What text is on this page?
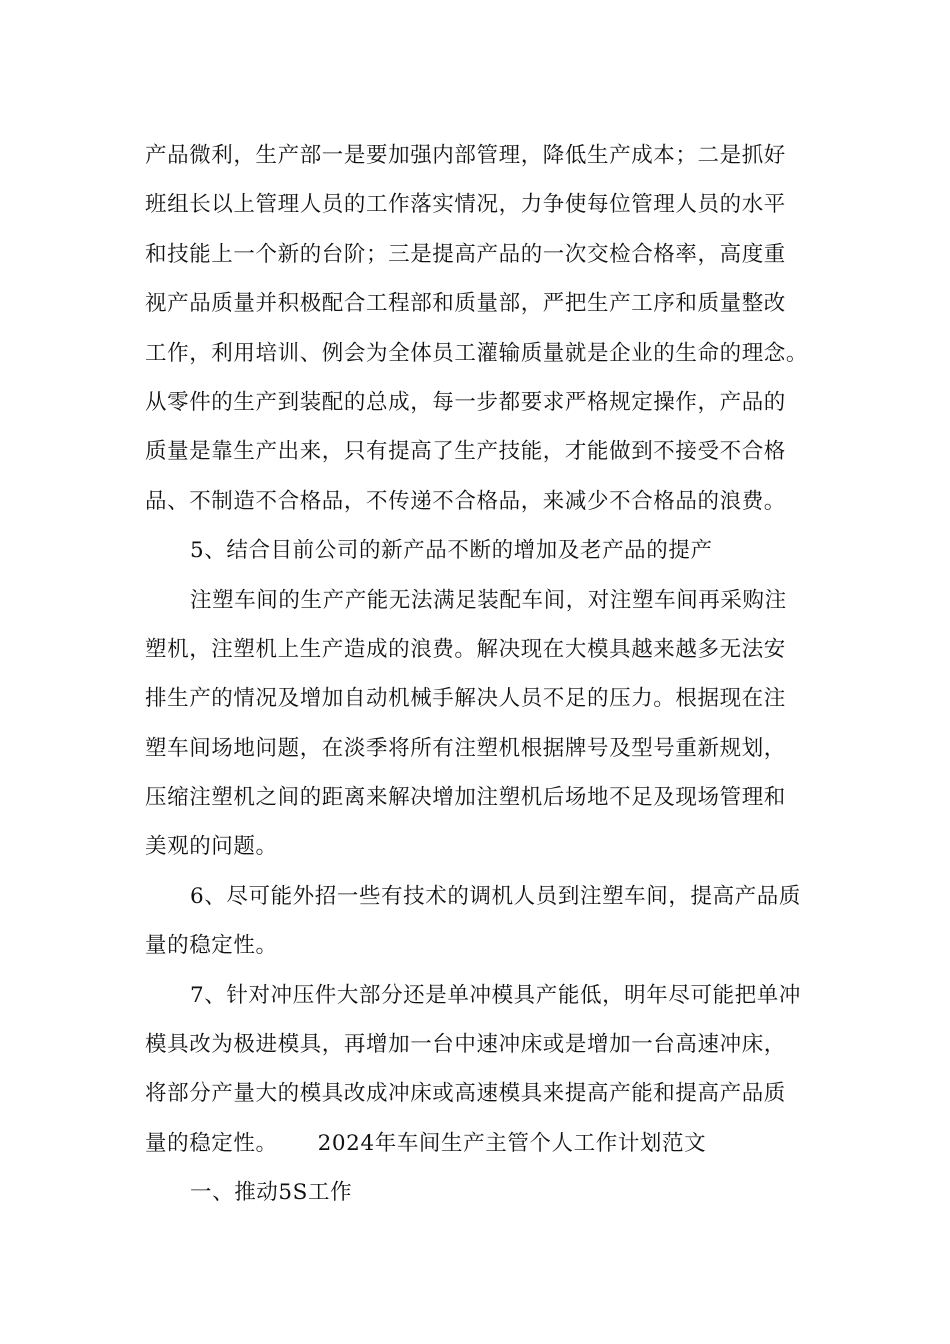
产品微利，生产部一是要加强内部管理，降低生产成本；二是抓好
班组长以上管理人员的工作落实情况，力争使每位管理人员的水平
和技能上一个新的台阶；三是提高产品的一次交检合格率，高度重
视产品质量并积极配合工程部和质量部，严把生产工序和质量整改
工作，利用培训、例会为全体员工灌输质量就是企业的生命的理念。
从零件的生产到装配的总成，每一步都要求严格规定操作，产品的
质量是靠生产出来，只有提高了生产技能，才能做到不接受不合格
品、不制造不合格品，不传递不合格品，来减少不合格品的浪费。
5、结合目前公司的新产品不断的增加及老产品的提产
注塑车间的生产产能无法满足装配车间，对注塑车间再采购注
塑机，注塑机上生产造成的浪费。解决现在大模具越来越多无法安
排生产的情况及增加自动机械手解决人员不足的压力。根据现在注
塑车间场地问题，在淡季将所有注塑机根据牌号及型号重新规划，
压缩注塑机之间的距离来解决增加注塑机后场地不足及现场管理和
美观的问题。
6、尽可能外招一些有技术的调机人员到注塑车间，提高产品质
量的稳定性。
7、针对冲压件大部分还是单冲模具产能低，明年尽可能把单冲
模具改为极进模具，再增加一台中速冲床或是增加一台高速冲床，
将部分产量大的模具改成冲床或高速模具来提高产能和提高产品质
量的稳定性。 2024年车间生产主管个人工作计划范文
一、推动5S工作
